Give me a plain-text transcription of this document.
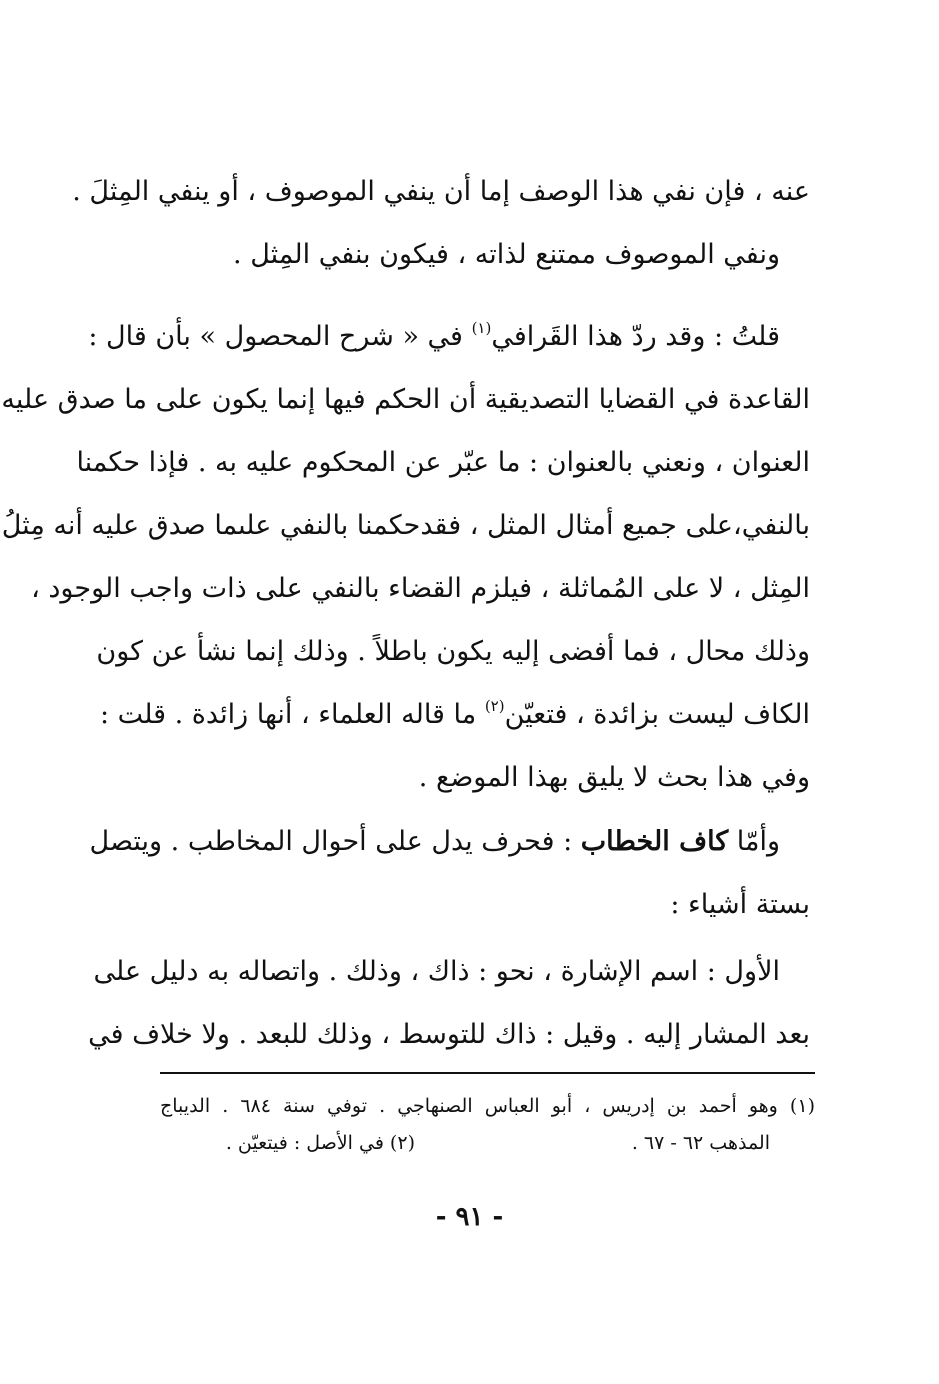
عنه ، فإن نفي هذا الوصف إما أن ينفي الموصوف ، أو ينفي المِثلَ .
ونفي الموصوف ممتنع لذاته ، فيكون بنفي المِثل .
قلتُ : وقد ردّ هذا القَرافي$^{(١)}$ في « شرح المحصول » بأن قال :
القاعدة في القضايا التصديقية أن الحكم فيها إنما يكون على ما صدق عليه
العنوان ، ونعني بالعنوان : ما عبّر عن المحكوم عليه به . فإذا حكمنا
بالنفي،على جميع أمثال المثل ، فقدحكمنا بالنفي علىما صدق عليه أنه مِثلُ
المِثل ، لا على المُماثلة ، فيلزم القضاء بالنفي على ذات واجب الوجود ،
وذلك محال ، فما أفضى إليه يكون باطلاً . وذلك إنما نشأ عن كون
الكاف ليست بزائدة ، فتعيّن$^{(٢)}$ ما قاله العلماء ، أنها زائدة . قلت :
وفي هذا بحث لا يليق بهذا الموضع .
وأمّا كاف الخطاب : فحرف يدل على أحوال المخاطب . ويتصل
بستة أشياء :
الأول : اسم الإشارة ، نحو : ذاك ، وذلك . واتصاله به دليل على
بعد المشار إليه . وقيل : ذاك للتوسط ، وذلك للبعد . ولا خلاف في
(١) وهو أحمد بن إدريس ، أبو العباس الصنهاجي . توفي سنة ٦٨٤ . الديباج
المذهب ٦٢ - ٦٧ .
(٢) في الأصل : فيتعيّن .
- ٩١ -
